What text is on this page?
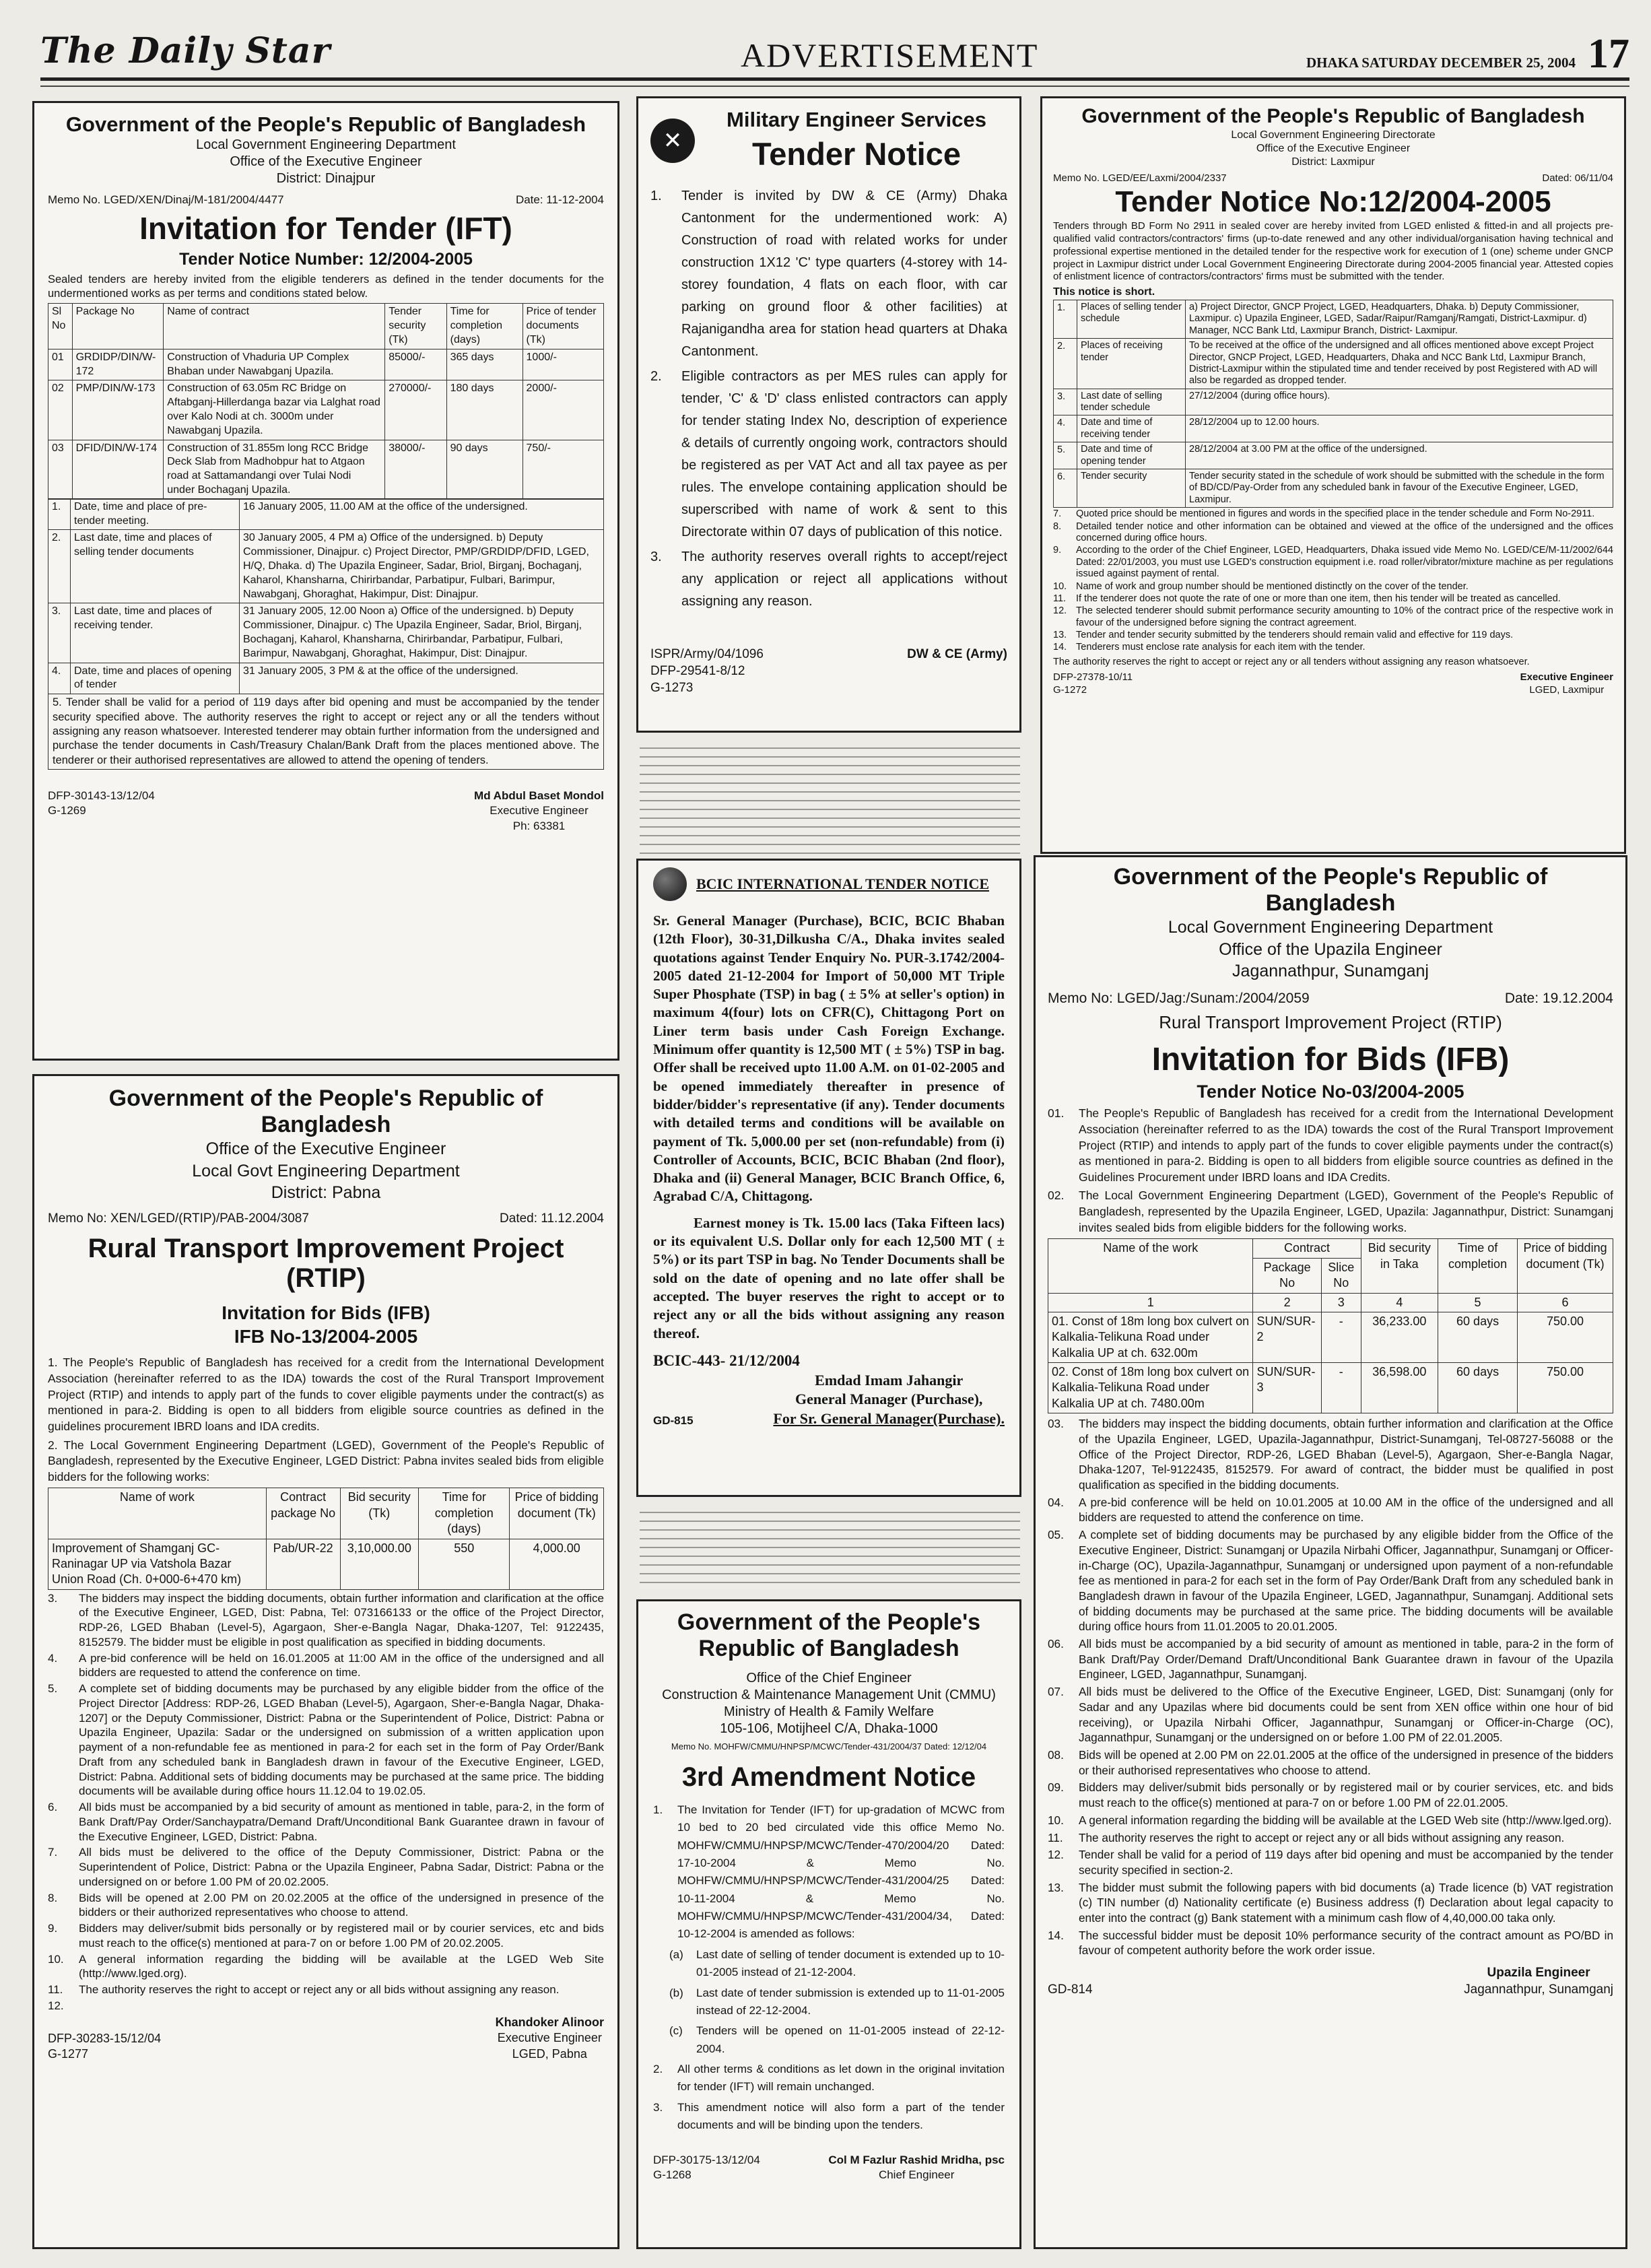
The Daily Star	ADVERTISEMENT	DHAKA SATURDAY DECEMBER 25, 2004 17
Government of the People's Republic of Bangladesh
Local Government Engineering Department
Office of the Executive Engineer
District: Dinajpur
Memo No. LGED/XEN/Dinaj/M-181/2004/4477	Date: 11-12-2004
Invitation for Tender (IFT)
Tender Notice Number: 12/2004-2005
Sealed tenders are hereby invited from the eligible tenderers as defined in the tender documents for the undermentioned works as per terms and conditions stated below.
Sl No	Package No	Name of contract	Tender security (Tk)	Time for completion (days)	Price of tender documents (Tk)
01	GRDIDP/DIN/W-172	Construction of Vhaduria UP Complex Bhaban under Nawabganj Upazila.	85000/-	365 days	1000/-
02	PMP/DIN/W-173	Construction of 63.05m RC Bridge on Aftabganj-Hillerdanga bazar via Lalghat road over Kalo Nodi at ch. 3000m under Nawabganj Upazila.	270000/-	180 days	2000/-
03	DFID/DIN/W-174	Construction of 31.855m long RCC Bridge Deck Slab from Madhobpur hat to Atgaon road at Sattamandangi over Tulai Nodi under Bochaganj Upazila.	38000/-	90 days	750/-
1.	Date, time and place of pre-tender meeting.	16 January 2005, 11.00 AM at the office of the undersigned.
2.	Last date, time and places of selling tender documents	30 January 2005, 4 PM a) Office of the undersigned. b) Deputy Commissioner, Dinajpur. c) Project Director, PMP/GRDIDP/DFID, LGED, H/Q, Dhaka. d) The Upazila Engineer, Sadar, Briol, Birganj, Bochaganj, Kaharol, Khansharna, Chirirbandar, Parbatipur, Fulbari, Barimpur, Nawabganj, Ghoraghat, Hakimpur, Dist: Dinajpur.
3.	Last date, time and places of receiving tender.	31 January 2005, 12.00 Noon a) Office of the undersigned. b) Deputy Commissioner, Dinajpur. c) The Upazila Engineer, Sadar, Briol, Birganj, Bochaganj, Kaharol, Khansharna, Chirirbandar, Parbatipur, Fulbari, Barimpur, Nawabganj, Ghoraghat, Hakimpur, Dist: Dinajpur.
4.	Date, time and places of opening of tender	31 January 2005, 3 PM & at the office of the undersigned.
5. Tender shall be valid for a period of 119 days after bid opening and must be accompanied by the tender security specified above. The authority reserves the right to accept or reject any or all the tenders without assigning any reason whatsoever. Interested tenderer may obtain further information from the undersigned and purchase the tender documents in Cash/Treasury Chalan/Bank Draft from the places mentioned above. The tenderer or their authorised representatives are allowed to attend the opening of tenders.
DFP-30143-13/12/04
G-1269
Md Abdul Baset Mondol
Executive Engineer
Ph: 63381
✕
Military Engineer Services
Tender Notice
1.	Tender is invited by DW & CE (Army) Dhaka Cantonment for the undermentioned work: A) Construction of road with related works for under construction 1X12 'C' type quarters (4-storey with 14-storey foundation, 4 flats on each floor, with car parking on ground floor & other facilities) at Rajanigandha area for station head quarters at Dhaka Cantonment.
2.	Eligible contractors as per MES rules can apply for tender, 'C' & 'D' class enlisted contractors can apply for tender stating Index No, description of experience & details of currently ongoing work, contractors should be registered as per VAT Act and all tax payee as per rules. The envelope containing application should be superscribed with name of work & sent to this Directorate within 07 days of publication of this notice.
3.	The authority reserves overall rights to accept/reject any application or reject all applications without assigning any reason.
ISPR/Army/04/1096
DFP-29541-8/12
G-1273
DW & CE (Army)
Government of the People's Republic of Bangladesh
Local Government Engineering Directorate
Office of the Executive Engineer
District: Laxmipur
Memo No. LGED/EE/Laxmi/2004/2337	Dated: 06/11/04
Tender Notice No:12/2004-2005
Tenders through BD Form No 2911 in sealed cover are hereby invited from LGED enlisted & fitted-in and all projects pre-qualified valid contractors/contractors' firms (up-to-date renewed and any other individual/organisation having technical and professional expertise mentioned in the detailed tender for the respective work for execution of 1 (one) scheme under GNCP project in Laxmipur district under Local Government Engineering Directorate during 2004-2005 financial year. Attested copies of enlistment licence of contractors/contractors' firms must be submitted with the tender.
This notice is short.
1.	Places of selling tender schedule	a) Project Director, GNCP Project, LGED, Headquarters, Dhaka. b) Deputy Commissioner, Laxmipur. c) Upazila Engineer, LGED, Sadar/Raipur/Ramganj/Ramgati, District-Laxmipur. d) Manager, NCC Bank Ltd, Laxmipur Branch, District- Laxmipur.
2.	Places of receiving tender	To be received at the office of the undersigned and all offices mentioned above except Project Director, GNCP Project, LGED, Headquarters, Dhaka and NCC Bank Ltd, Laxmipur Branch, District-Laxmipur within the stipulated time and tender received by post Registered with AD will also be regarded as dropped tender.
3.	Last date of selling tender schedule	27/12/2004 (during office hours).
4.	Date and time of receiving tender	28/12/2004 up to 12.00 hours.
5.	Date and time of opening tender	28/12/2004 at 3.00 PM at the office of the undersigned.
6.	Tender security	Tender security stated in the schedule of work should be submitted with the schedule in the form of BD/CD/Pay-Order from any scheduled bank in favour of the Executive Engineer, LGED, Laxmipur.
7.	Quoted price should be mentioned in figures and words in the specified place in the tender schedule and Form No-2911.
8.	Detailed tender notice and other information can be obtained and viewed at the office of the undersigned and the offices concerned during office hours.
9.	According to the order of the Chief Engineer, LGED, Headquarters, Dhaka issued vide Memo No. LGED/CE/M-11/2002/644 Dated: 22/01/2003, you must use LGED's construction equipment i.e. road roller/vibrator/mixture machine as per regulations issued against payment of rental.
10. Name of work and group number should be mentioned distinctly on the cover of the tender.
11.	If the tenderer does not quote the rate of one or more than one item, then his tender will be treated as cancelled.
12. The selected tenderer should submit performance security amounting to 10% of the contract price of the respective work in favour of the undersigned before signing the contract agreement.
13. Tender and tender security submitted by the tenderers should remain valid and effective for 119 days.
14. Tenderers must enclose rate analysis for each item with the tender.
The authority reserves the right to accept or reject any or all tenders without assigning any reason whatsoever.
DFP-27378-10/11
G-1272
Executive Engineer
LGED, Laxmipur
BCIC INTERNATIONAL TENDER NOTICE
Sr. General Manager (Purchase), BCIC, BCIC Bhaban (12th Floor), 30-31,Dilkusha C/A., Dhaka invites sealed quotations against Tender Enquiry No. PUR-3.1742/2004-2005 dated 21-12-2004 for Import of 50,000 MT Triple Super Phosphate (TSP) in bag ( ± 5% at seller's option) in maximum 4(four) lots on CFR(C), Chittagong Port on Liner term basis under Cash Foreign Exchange. Minimum offer quantity is 12,500 MT ( ± 5%) TSP in bag. Offer shall be received upto 11.00 A.M. on 01-02-2005 and be opened immediately thereafter in presence of bidder/bidder's representative (if any). Tender documents with detailed terms and conditions will be available on payment of Tk. 5,000.00 per set (non-refundable) from (i) Controller of Accounts, BCIC, BCIC Bhaban (2nd floor), Dhaka and (ii) General Manager, BCIC Branch Office, 6, Agrabad C/A, Chittagong.
Earnest money is Tk. 15.00 lacs (Taka Fifteen lacs) or its equivalent U.S. Dollar only for each 12,500 MT ( ± 5%) or its part TSP in bag. No Tender Documents shall be sold on the date of opening and no late offer shall be accepted. The buyer reserves the right to accept or to reject any or all the bids without assigning any reason thereof.
BCIC-443- 21/12/2004
GD-815
Emdad Imam Jahangir
General Manager (Purchase),
For Sr. General Manager(Purchase).
Government of the People's Republic of Bangladesh
Local Government Engineering Department
Office of the Upazila Engineer
Jagannathpur, Sunamganj
Memo No: LGED/Jag:/Sunam:/2004/2059	Date: 19.12.2004
Rural Transport Improvement Project (RTIP)
Invitation for Bids (IFB)
Tender Notice No-03/2004-2005
01.	The People's Republic of Bangladesh has received for a credit from the International Development Association (hereinafter referred to as the IDA) towards the cost of the Rural Transport Improvement Project (RTIP) and intends to apply part of the funds to cover eligible payments under the contract(s) as mentioned in para-2. Bidding is open to all bidders from eligible source countries as defined in the Guidelines Procurement under IBRD loans and IDA Credits.
02.	The Local Government Engineering Department (LGED), Government of the People's Republic of Bangladesh, represented by the Upazila Engineer, LGED, Upazila: Jagannathpur, District: Sunamganj invites sealed bids from eligible bidders for the following works.
Name of the work	Contract		Bid security in Taka	Time of completion	Price of bidding document (Tk)
	Package No	Slice No			
1	2	3	4	5	6
01. Const of 18m long box culvert on Kalkalia-Telikuna Road under Kalkalia UP at ch. 632.00m	SUN/SUR-2	-	36,233.00	60 days	750.00
02. Const of 18m long box culvert on Kalkalia-Telikuna Road under Kalkalia UP at ch. 7480.00m	SUN/SUR-3	-	36,598.00	60 days	750.00
03.	The bidders may inspect the bidding documents, obtain further information and clarification at the Office of the Upazila Engineer, LGED, Upazila-Jagannathpur, District-Sunamganj, Tel-08727-56088 or the Office of the Project Director, RDP-26, LGED Bhaban (Level-5), Agargaon, Sher-e-Bangla Nagar, Dhaka-1207, Tel-9122435, 8152579. For award of contract, the bidder must be qualified in post qualification as specified in the bidding documents.
04.	A pre-bid conference will be held on 10.01.2005 at 10.00 AM in the office of the undersigned and all bidders are requested to attend the conference on time.
05.	A complete set of bidding documents may be purchased by any eligible bidder from the Office of the Executive Engineer, District: Sunamganj or Upazila Nirbahi Officer, Jagannathpur, Sunamganj or Officer-in-Charge (OC), Upazila-Jagannathpur, Sunamganj or undersigned upon payment of a non-refundable fee as mentioned in para-2 for each set in the form of Pay Order/Bank Draft from any scheduled bank in Bangladesh drawn in favour of the Upazila Engineer, LGED, Jagannathpur, Sunamganj. Additional sets of bidding documents may be purchased at the same price. The bidding documents will be available during office hours from 11.01.2005 to 20.01.2005.
06.	All bids must be accompanied by a bid security of amount as mentioned in table, para-2 in the form of Bank Draft/Pay Order/Demand Draft/Unconditional Bank Guarantee drawn in favour of the Upazila Engineer, LGED, Jagannathpur, Sunamganj.
07.	All bids must be delivered to the Office of the Executive Engineer, LGED, Dist: Sunamganj (only for Sadar and any Upazilas where bid documents could be sent from XEN office within one hour of bid receiving), or Upazila Nirbahi Officer, Jagannathpur, Sunamganj or Officer-in-Charge (OC), Jagannathpur, Sunamganj or the undersigned on or before 1.00 PM of 22.01.2005.
08.	Bids will be opened at 2.00 PM on 22.01.2005 at the office of the undersigned in presence of the bidders or their authorised representatives who choose to attend.
09.	Bidders may deliver/submit bids personally or by registered mail or by courier services, etc. and bids must reach to the office(s) mentioned at para-7 on or before 1.00 PM of 22.01.2005.
10.	A general information regarding the bidding will be available at the LGED Web site (http://www.lged.org).
11.	The authority reserves the right to accept or reject any or all bids without assigning any reason.
12.	Tender shall be valid for a period of 119 days after bid opening and must be accompanied by the tender security specified in section-2.
13.	The bidder must submit the following papers with bid documents (a) Trade licence (b) VAT registration (c) TIN number (d) Nationality certificate (e) Business address (f) Declaration about legal capacity to enter into the contract (g) Bank statement with a minimum cash flow of 4,40,000.00 taka only.
14.	The successful bidder must be deposit 10% performance security of the contract amount as PO/BD in favour of competent authority before the work order issue.
GD-814
Upazila Engineer
Jagannathpur, Sunamganj
Government of the People's Republic of Bangladesh
Office of the Executive Engineer
Local Govt Engineering Department
District: Pabna
Memo No: XEN/LGED/(RTIP)/PAB-2004/3087	Dated: 11.12.2004
Rural Transport Improvement Project (RTIP)
Invitation for Bids (IFB)
IFB No-13/2004-2005
1. The People's Republic of Bangladesh has received for a credit from the International Development Association (hereinafter referred to as the IDA) towards the cost of the Rural Transport Improvement Project (RTIP) and intends to apply part of the funds to cover eligible payments under the contract(s) as mentioned in para-2. Bidding is open to all bidders from eligible source countries as defined in the guidelines procurement IBRD loans and IDA credits.
2. The Local Government Engineering Department (LGED), Government of the People's Republic of Bangladesh, represented by the Executive Engineer, LGED District: Pabna invites sealed bids from eligible bidders for the following works:
Name of work	Contract package No	Bid security (Tk)	Time for completion (days)	Price of bidding document (Tk)
Improvement of Shamganj GC-Raninagar UP via Vatshola Bazar Union Road (Ch. 0+000-6+470 km)	Pab/UR-22	3,10,000.00	550	4,000.00
3.	The bidders may inspect the bidding documents, obtain further information and clarification at the office of the Executive Engineer, LGED, Dist: Pabna, Tel: 073166133 or the office of the Project Director, RDP-26, LGED Bhaban (Level-5), Agargaon, Sher-e-Bangla Nagar, Dhaka-1207, Tel: 9122435, 8152579. The bidder must be eligible in post qualification as specified in bidding documents.
4.	A pre-bid conference will be held on 16.01.2005 at 11:00 AM in the office of the undersigned and all bidders are requested to attend the conference on time.
5.	A complete set of bidding documents may be purchased by any eligible bidder from the office of the Project Director [Address: RDP-26, LGED Bhaban (Level-5), Agargaon, Sher-e-Bangla Nagar, Dhaka-1207] or the Deputy Commissioner, District: Pabna or the Superintendent of Police, District: Pabna or Upazila Engineer, Upazila: Sadar or the undersigned on submission of a written application upon payment of a non-refundable fee as mentioned in para-2 for each set in the form of Pay Order/Bank Draft from any scheduled bank in Bangladesh drawn in favour of the Executive Engineer, LGED, District: Pabna. Additional sets of bidding documents may be purchased at the same price. The bidding documents will be available during office hours 11.12.04 to 19.02.05.
6.	All bids must be accompanied by a bid security of amount as mentioned in table, para-2, in the form of Bank Draft/Pay Order/Sanchaypatra/Demand Draft/Unconditional Bank Guarantee drawn in favour of the Executive Engineer, LGED, District: Pabna.
7.	All bids must be delivered to the office of the Deputy Commissioner, District: Pabna or the Superintendent of Police, District: Pabna or the Upazila Engineer, Pabna Sadar, District: Pabna or the undersigned on or before 1.00 PM of 20.02.2005.
8.	Bids will be opened at 2.00 PM on 20.02.2005 at the office of the undersigned in presence of the bidders or their authorized representatives who choose to attend.
9.	Bidders may deliver/submit bids personally or by registered mail or by courier services, etc and bids must reach to the office(s) mentioned at para-7 on or before 1.00 PM of 20.02.2005.
10.	A general information regarding the bidding will be available at the LGED Web Site (http://www.lged.org).
11.	The authority reserves the right to accept or reject any or all bids without assigning any reason.
12.
DFP-30283-15/12/04
G-1277
Khandoker Alinoor
Executive Engineer
LGED, Pabna
Government of the People's Republic of Bangladesh
Office of the Chief Engineer
Construction & Maintenance Management Unit (CMMU)
Ministry of Health & Family Welfare
105-106, Motijheel C/A, Dhaka-1000
Memo No. MOHFW/CMMU/HNPSP/MCWC/Tender-431/2004/37 Dated: 12/12/04
3rd Amendment Notice
1.	The Invitation for Tender (IFT) for up-gradation of MCWC from 10 bed to 20 bed circulated vide this office Memo No. MOHFW/CMMU/HNPSP/MCWC/Tender-470/2004/20 Dated: 17-10-2004 & Memo No. MOHFW/CMMU/HNPSP/MCWC/Tender-431/2004/25 Dated: 10-11-2004 & Memo No. MOHFW/CMMU/HNPSP/MCWC/Tender-431/2004/34, Dated: 10-12-2004 is amended as follows:
(a)	Last date of selling of tender document is extended up to 10-01-2005 instead of 21-12-2004.
(b)	Last date of tender submission is extended up to 11-01-2005 instead of 22-12-2004.
(c)	Tenders will be opened on 11-01-2005 instead of 22-12-2004.
2.	All other terms & conditions as let down in the original invitation for tender (IFT) will remain unchanged.
3.	This amendment notice will also form a part of the tender documents and will be binding upon the tenders.
DFP-30175-13/12/04
G-1268
Col M Fazlur Rashid Mridha, psc
Chief Engineer
